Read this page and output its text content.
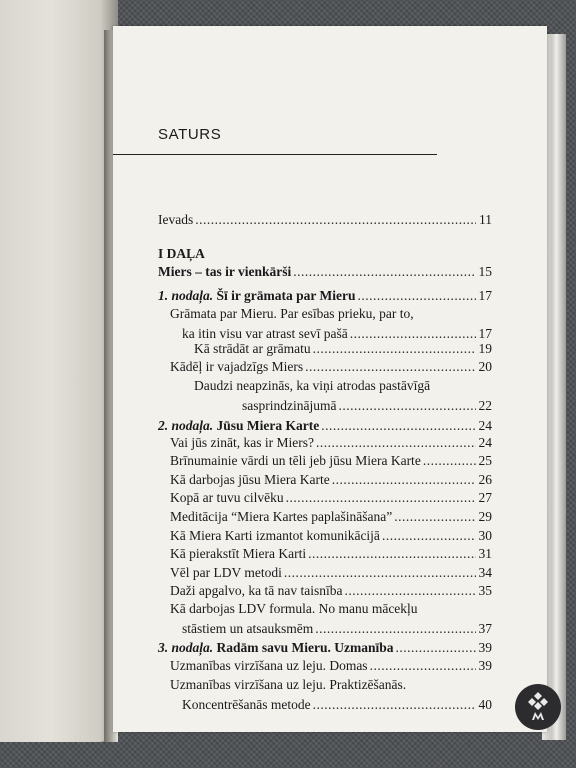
SATURS
Ievads .....	11
I DAĻA
Miers – tas ir vienkārši .....	15
1. nodaļa. Šī ir grāmata par Mieru .....	17
Grāmata par Mieru. Par esības prieku, par to,
ka itin visu var atrast sevī pašā .....	17
Kā strādāt ar grāmatu .....	19
Kādēļ ir vajadzīgs Miers .....	20
Daudzi neapzinās, ka viņi atrodas pastāvīgā
sasprindzinājumā .....	22
2. nodaļa. Jūsu Miera Karte .....	24
Vai jūs zināt, kas ir Miers? .....	24
Brīnumainie vārdi un tēli jeb jūsu Miera Karte .....	25
Kā darbojas jūsu Miera Karte .....	26
Kopā ar tuvu cilvēku .....	27
Meditācija “Miera Kartes paplašināšana” .....	29
Kā Miera Karti izmantot komunikācijā .....	30
Kā pierakstīt Miera Karti .....	31
Vēl par LDV metodi .....	34
Daži apgalvo, ka tā nav taisnība .....	35
Kā darbojas LDV formula. No manu mācekļu
stāstiem un atsauksmēm .....	37
3. nodaļa. Radām savu Mieru. Uzmanība .....	39
Uzmanības virzīšana uz leju. Domas .....	39
Uzmanības virzīšana uz leju. Praktizēšanās.
Koncentrēšanās metode .....	40
